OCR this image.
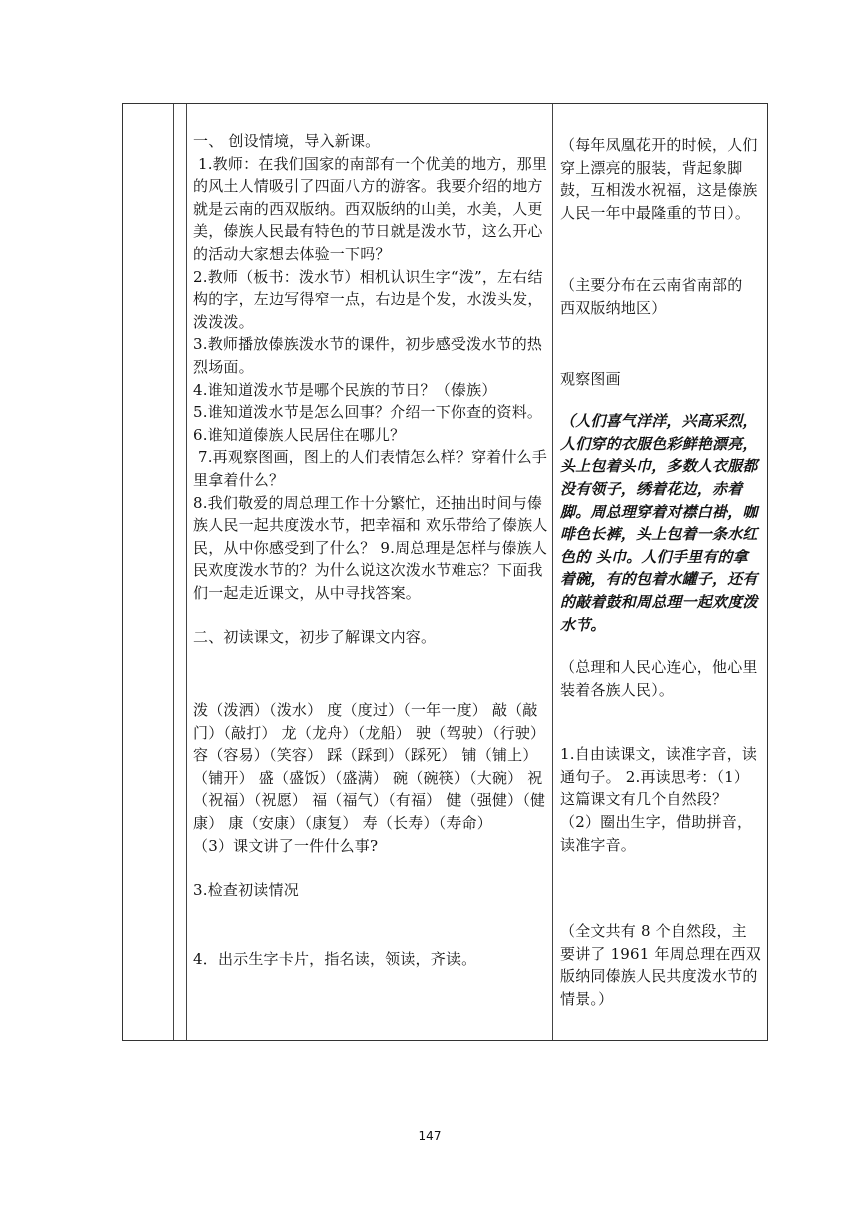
一、 创设情境，导入新课。

1.教师：在我们国家的南部有一个优美的地方，那里的风土人情吸引了四面八方的游客。我要介绍的地方就是云南的西双版纳。西双版纳的山美，水美，人更美，傣族人民最有特色的节日就是泼水节，这么开心的活动大家想去体验一下吗？

2.教师（板书：泼水节）相机认识生字“泼”，左右结构的字，左边写得窄一点，右边是个发，水泼头发，泼泼泼。

3.教师播放傣族泼水节的课件，初步感受泼水节的热烈场面。

4.谁知道泼水节是哪个民族的节日？（傣族）

5.谁知道泼水节是怎么回事？介绍一下你查的资料。

6.谁知道傣族人民居住在哪儿？

7.再观察图画，图上的人们表情怎么样？穿着什么手里拿着什么？

8.我们敬爱的周总理工作十分繁忙，还抽出时间与傣族人民一起共度泼水节，把幸福和 欢乐带给了傣族人民，从中你感受到了什么？ 9.周总理是怎样与傣族人民欢度泼水节的？为什么说这次泼水节难忘？下面我们一起走近课文，从中寻找答案。

二、初读课文，初步了解课文内容。

泼（泼洒）（泼水） 度（度过）（一年一度） 敲（敲门）（敲打） 龙（龙舟）（龙船） 驶（驾驶）（行驶） 容（容易）（笑容） 踩（踩到）（踩死） 铺（铺上）（铺开） 盛（盛饭）（盛满） 碗（碗筷）（大碗） 祝（祝福）（祝愿） 福（福气）（有福） 健（强健）（健康） 康（安康）（康复） 寿（长寿）（寿命）

（3）课文讲了一件什么事?

3.检查初读情况

4．出示生字卡片，指名读，领读，齐读。

（每年凤凰花开的时候，人们穿上漂亮的服装，背起象脚鼓，互相泼水祝福，这是傣族人民一年中最隆重的节日）。

（主要分布在云南省南部的 西双版纳地区）

观察图画

（人们喜气洋洋，兴高采烈，人们穿的衣服色彩鲜艳漂亮，头上包着头巾，多数人衣服都没有领子，绣着花边，赤着脚。周总理穿着对襟白褂，咖啡色长裤，头上包着一条水红色的 头巾。人们手里有的拿着碗，有的包着水罐子，还有的敲着鼓和周总理一起欢度泼水节。

（总理和人民心连心，他心里装着各族人民）。

1.自由读课文，读准字音，读通句子。 2.再读思考：（1）这篇课文有几个自然段？ （2）圈出生字，借助拼音，读准字音。

（全文共有 8 个自然段，主要讲了 1961 年周总理在西双版纳同傣族人民共度泼水节的情景。）

147
